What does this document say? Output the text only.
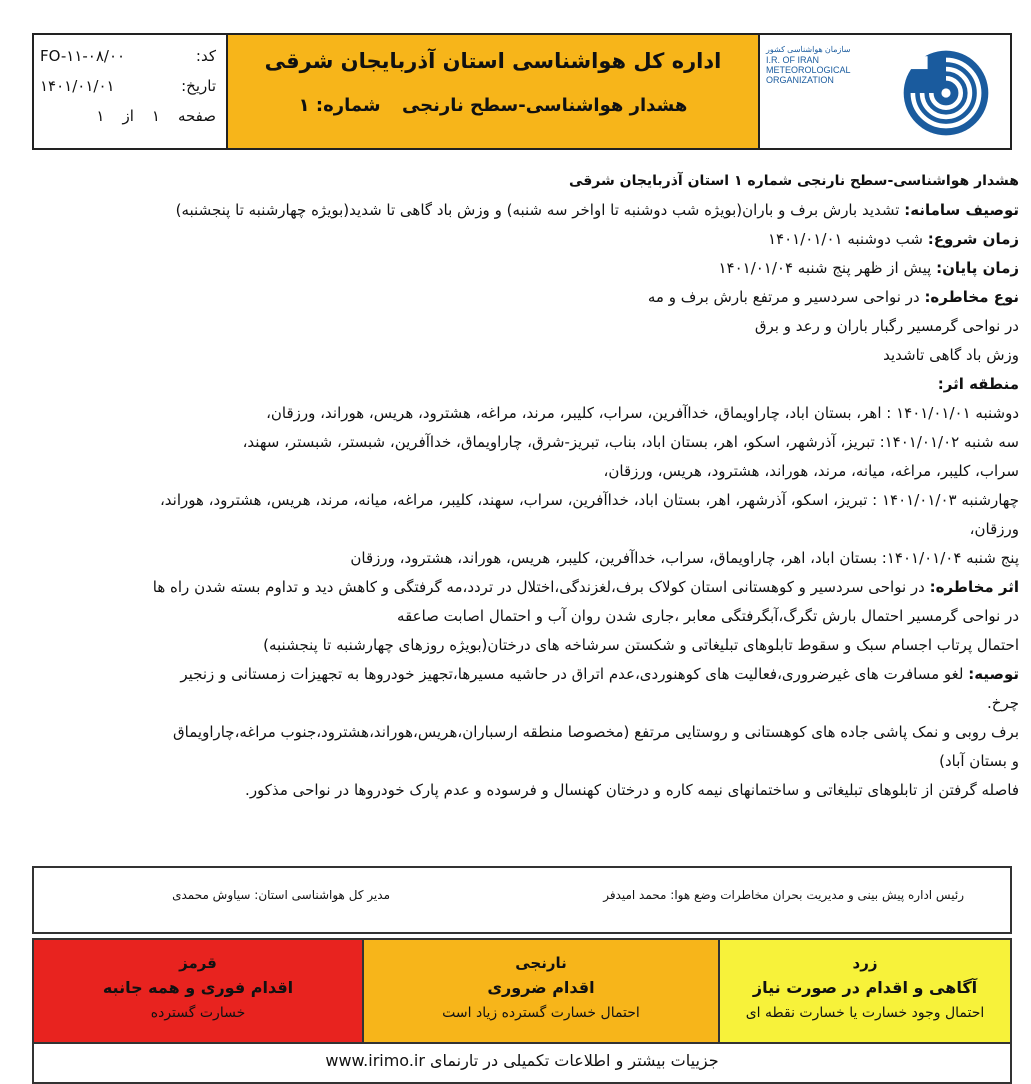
کد:
FO-۱۱-۰۸/۰۰
تاریخ:
۱۴۰۱/۰۱/۰۱
صفحه
۱
از
۱
اداره کل هواشناسی استان آذربایجان شرقی
هشدار هواشناسی-سطح نارنجی
شماره: ۱
سازمان هواشناسی کشور
I.R. OF IRAN
METEOROLOGICAL
ORGANIZATION
هشدار هواشناسی-سطح نارنجی شماره ۱ استان آذربایجان شرقی
توصیف سامانه: تشدید بارش برف و باران(بویژه شب دوشنبه تا اواخر سه شنبه) و وزش باد گاهی تا شدید(بویژه چهارشنبه تا پنجشنبه)
زمان شروع: شب دوشنبه ۱۴۰۱/۰۱/۰۱
زمان پایان: پیش از ظهر پنج شنبه ۱۴۰۱/۰۱/۰۴
نوع مخاطره: در نواحی سردسیر و مرتفع بارش برف و مه
در نواحی گرمسیر رگبار باران و رعد و برق
وزش باد گاهی تاشدید
منطقه اثر:
دوشنبه ۱۴۰۱/۰۱/۰۱ : اهر، بستان اباد، چاراویماق، خداآفرین، سراب، کلیبر، مرند، مراغه، هشترود، هریس، هوراند، ورزقان،
سه شنبه ۱۴۰۱/۰۱/۰۲: تبریز، آذرشهر، اسکو، اهر، بستان اباد، بناب، تبریز-شرق، چاراویماق، خداآفرین، شبستر، شبستر، سهند،
سراب، کلیبر، مراغه، میانه، مرند، هوراند، هشترود، هریس، ورزقان،
چهارشنبه ۱۴۰۱/۰۱/۰۳ : تبریز، اسکو، آذرشهر، اهر، بستان اباد، خداآفرین، سراب، سهند، کلیبر، مراغه، میانه، مرند، هریس، هشترود، هوراند،
ورزقان،
پنج شنبه ۱۴۰۱/۰۱/۰۴: بستان اباد، اهر، چاراویماق، سراب، خداآفرین، کلیبر، هریس، هوراند، هشترود، ورزقان
اثر مخاطره: در نواحی سردسیر و کوهستانی استان کولاک برف،لغزندگی،اختلال در تردد،مه گرفتگی و کاهش دید و تداوم بسته شدن راه ها
در نواحی گرمسیر احتمال بارش تگرگ،آبگرفتگی معابر ،جاری شدن روان آب و احتمال اصابت صاعقه
احتمال پرتاب اجسام سبک و سقوط تابلوهای تبلیغاتی و شکستن سرشاخه های درختان(بویژه روزهای چهارشنبه تا پنجشنبه)
توصیه: لغو مسافرت های غیرضروری،فعالیت های کوهنوردی،عدم اتراق در حاشیه مسیرها،تجهیز خودروها به تجهیزات زمستانی و زنجیر
چرخ.
برف روبی و نمک پاشی جاده های کوهستانی و روستایی مرتفع (مخصوصا منطقه ارسباران،هریس،هوراند،هشترود،جنوب مراغه،چاراویماق
و بستان آباد)
فاصله گرفتن از تابلوهای تبلیغاتی و ساختمانهای نیمه کاره و درختان کهنسال و فرسوده و عدم پارک خودروها در نواحی مذکور.
رئیس اداره پیش بینی و مدیریت بحران مخاطرات وضع هوا: محمد امیدفر
مدیر کل هواشناسی استان: سیاوش محمدی
قرمز
اقدام فوری و همه جانبه
خسارت گسترده
نارنجی
اقدام ضروری
احتمال خسارت گسترده زیاد است
زرد
آگاهی و اقدام در صورت نیاز
احتمال وجود خسارت یا خسارت نقطه ای
جزییات بیشتر و اطلاعات تکمیلی در تارنمای www.irimo.ir
